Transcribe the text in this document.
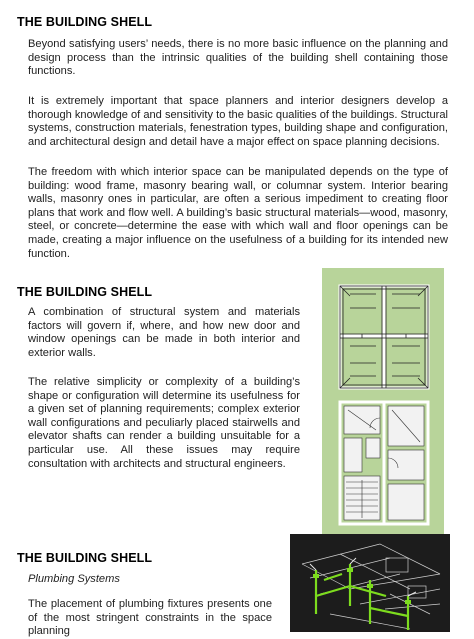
THE BUILDING SHELL

Beyond satisfying users’ needs, there is no more basic influence on the planning and design process than the intrinsic qualities of the building shell containing those functions.

It is extremely important that space planners and interior designers develop a thorough knowledge of and sensitivity to the basic qualities of the buildings. Structural systems, construction materials, fenestration types, building shape and configuration, and architectural design and detail have a major effect on space planning decisions.

The freedom with which interior space can be manipulated depends on the type of building: wood frame, masonry bearing wall, or columnar system. Interior bearing walls, masonry ones in particular, are often a serious impediment to creating floor plans that work and flow well. A building’s basic structural materials—wood, masonry, steel, or concrete—determine the ease with which wall and floor openings can be made, creating a major influence on the usefulness of a building for its intended new function.

THE BUILDING SHELL

A combination of structural system and materials factors will govern if, where, and how new door and window openings can be made in both interior and exterior walls.

The relative simplicity or complexity of a building’s shape or configuration will determine its usefulness for a given set of planning requirements; complex exterior wall configurations and peculiarly placed stairwells and elevator shafts can render a building unsuitable for a particular use. All these issues may require consultation with architects and structural engineers.

THE BUILDING SHELL
Plumbing Systems

The placement of plumbing fixtures presents one of the most stringent constraints in the space planning
